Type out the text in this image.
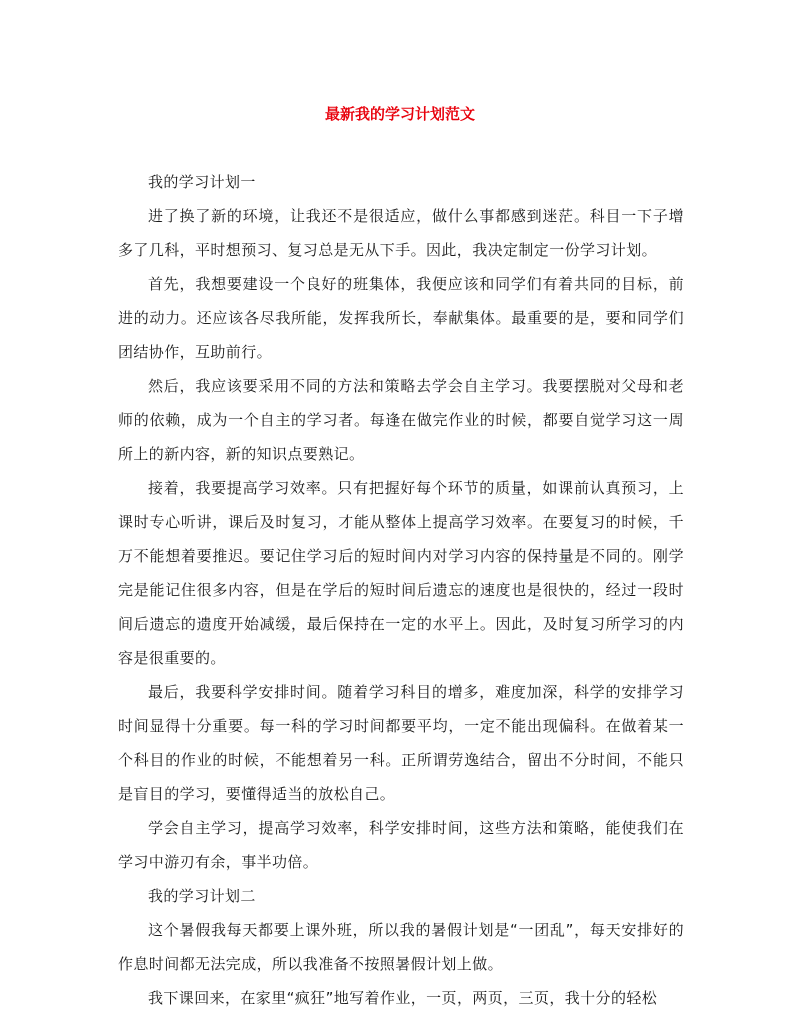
最新我的学习计划范文

我的学习计划一

进了换了新的环境，让我还不是很适应，做什么事都感到迷茫。科目一下子增多了几科，平时想预习、复习总是无从下手。因此，我决定制定一份学习计划。

首先，我想要建设一个良好的班集体，我便应该和同学们有着共同的目标，前进的动力。还应该各尽我所能，发挥我所长，奉献集体。最重要的是，要和同学们团结协作，互助前行。

然后，我应该要采用不同的方法和策略去学会自主学习。我要摆脱对父母和老师的依赖，成为一个自主的学习者。每逢在做完作业的时候，都要自觉学习这一周所上的新内容，新的知识点要熟记。

接着，我要提高学习效率。只有把握好每个环节的质量，如课前认真预习，上课时专心听讲，课后及时复习，才能从整体上提高学习效率。在要复习的时候，千万不能想着要推迟。要记住学习后的短时间内对学习内容的保持量是不同的。刚学完是能记住很多内容，但是在学后的短时间后遗忘的速度也是很快的，经过一段时间后遗忘的遗度开始减缓，最后保持在一定的水平上。因此，及时复习所学习的内容是很重要的。

最后，我要科学安排时间。随着学习科目的增多，难度加深，科学的安排学习时间显得十分重要。每一科的学习时间都要平均，一定不能出现偏科。在做着某一个科目的作业的时候，不能想着另一科。正所谓劳逸结合，留出不分时间，不能只是盲目的学习，要懂得适当的放松自己。

学会自主学习，提高学习效率，科学安排时间，这些方法和策略，能使我们在学习中游刃有余，事半功倍。

我的学习计划二

这个暑假我每天都要上课外班，所以我的暑假计划是“一团乱”，每天安排好的作息时间都无法完成，所以我准备不按照暑假计划上做。

我下课回来，在家里“疯狂”地写着作业，一页，两页，三页，我十分的轻松
